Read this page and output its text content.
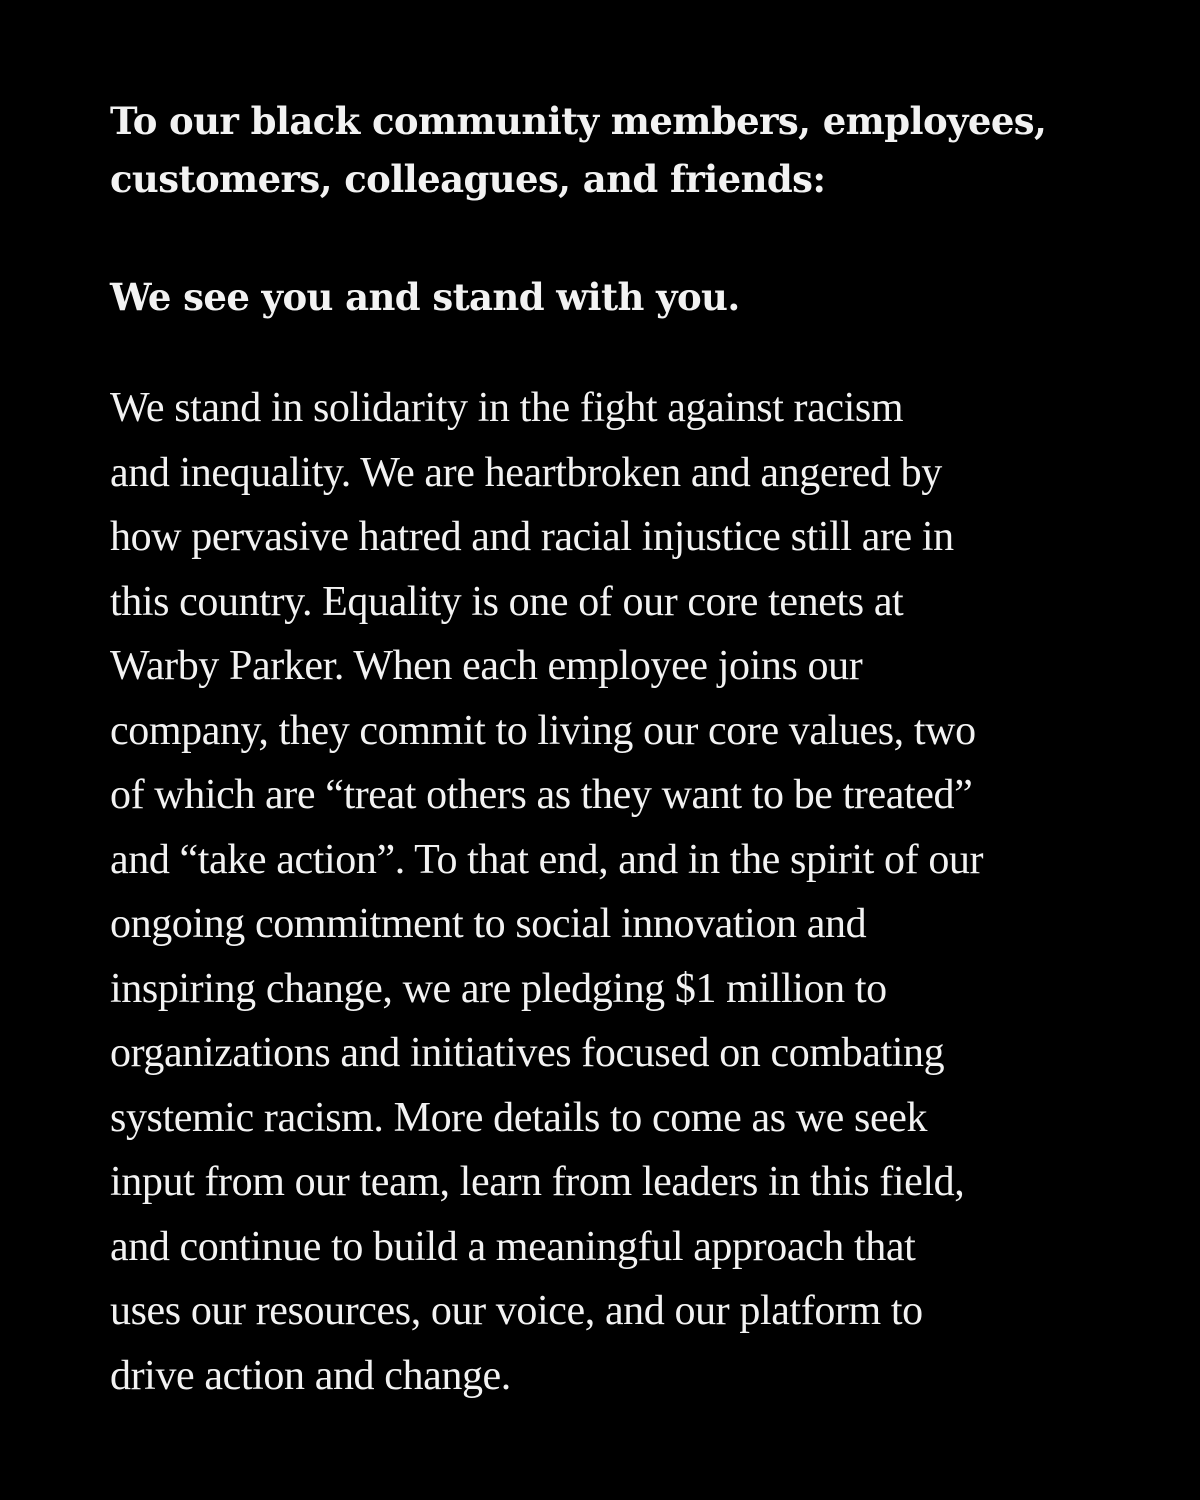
To our black community members, employees,
customers, colleagues, and friends:
We see you and stand with you.

We stand in solidarity in the fight against racism
and inequality. We are heartbroken and angered by
how pervasive hatred and racial injustice still are in
this country. Equality is one of our core tenets at
Warby Parker. When each employee joins our
company, they commit to living our core values, two
of which are “treat others as they want to be treated”
and “take action”. To that end, and in the spirit of our
ongoing commitment to social innovation and
inspiring change, we are pledging $1 million to
organizations and initiatives focused on combating
systemic racism. More details to come as we seek
input from our team, learn from leaders in this field,
and continue to build a meaningful approach that
uses our resources, our voice, and our platform to
drive action and change.
